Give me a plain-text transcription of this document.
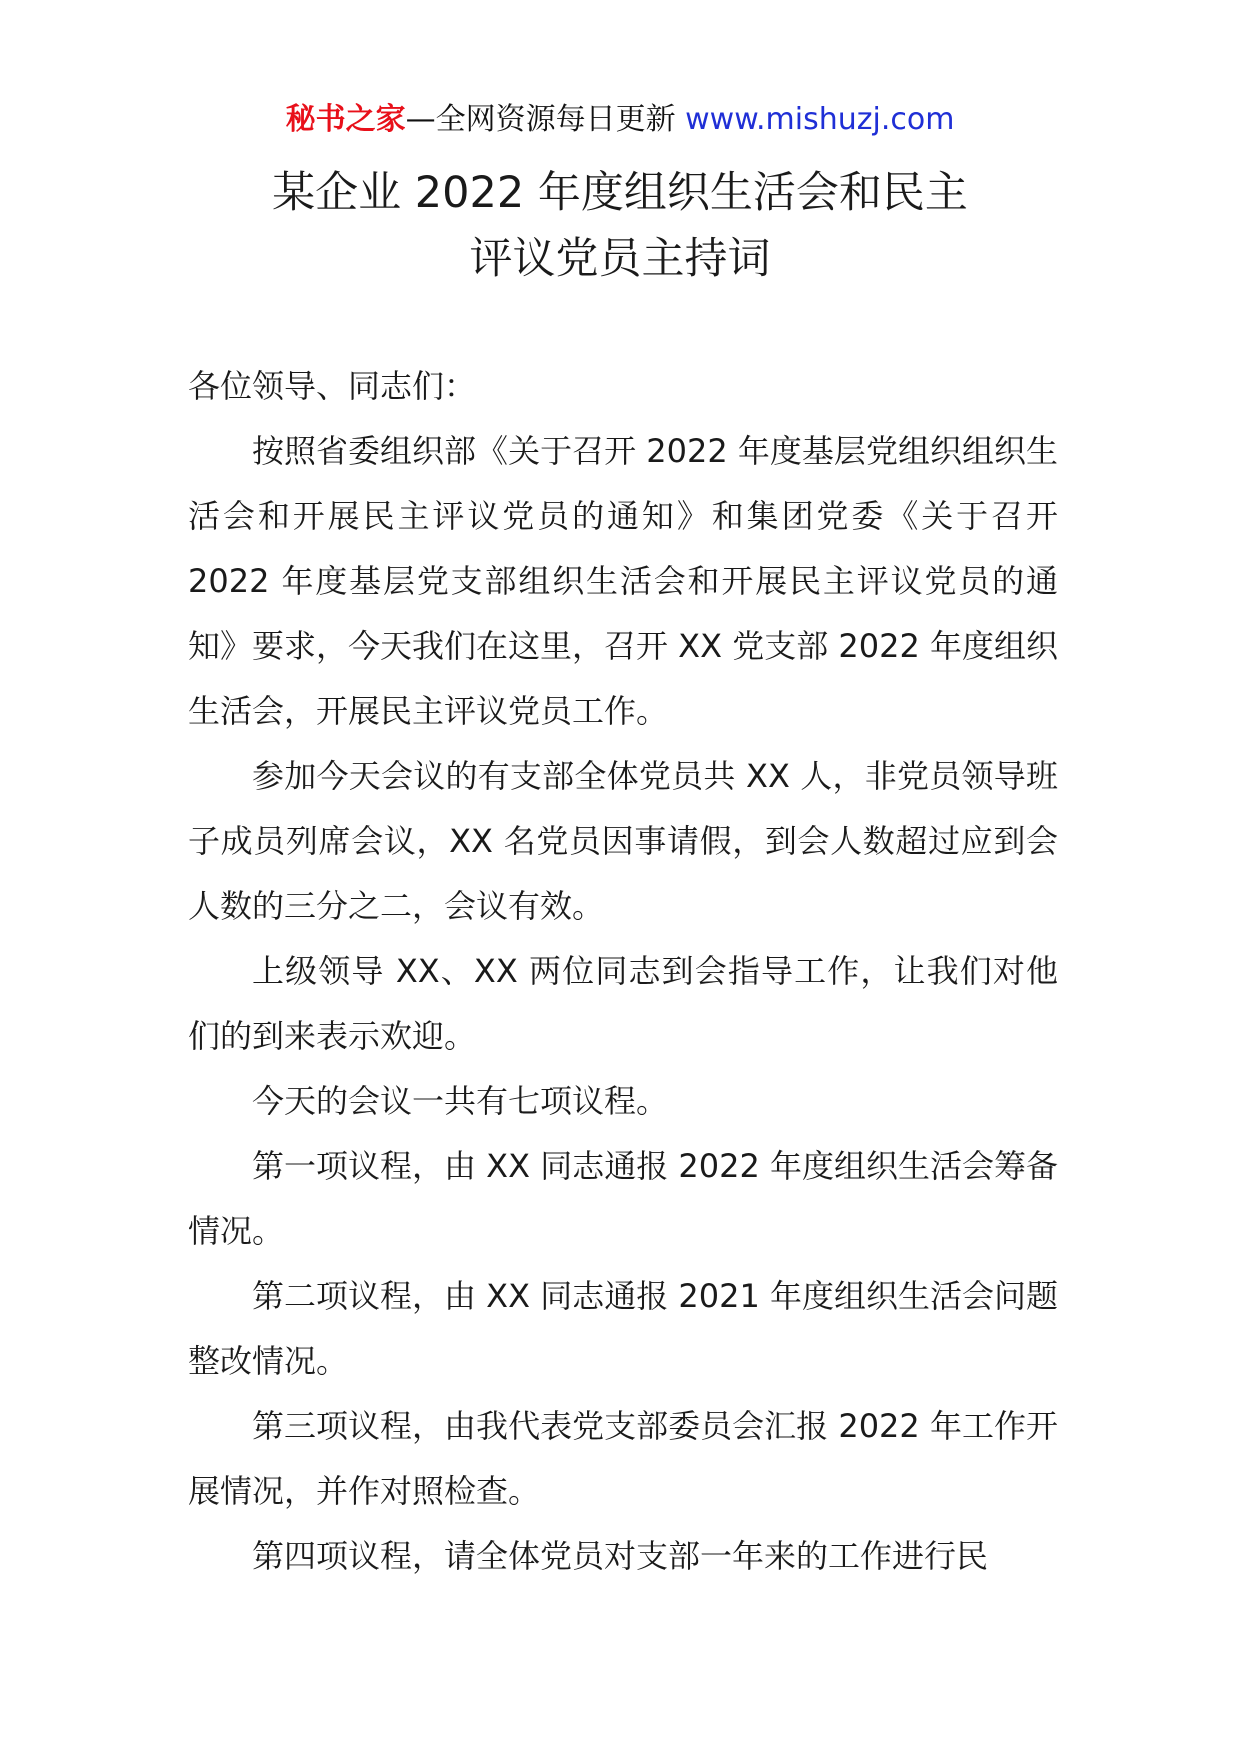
秘书之家—全网资源每日更新 www.mishuzj.com
某企业 2022 年度组织生活会和民主
评议党员主持词

各位领导、同志们：

按照省委组织部《关于召开 2022 年度基层党组织组织生活会和开展民主评议党员的通知》和集团党委《关于召开 2022 年度基层党支部组织生活会和开展民主评议党员的通知》要求，今天我们在这里，召开 XX 党支部 2022 年度组织生活会，开展民主评议党员工作。

参加今天会议的有支部全体党员共 XX 人，非党员领导班子成员列席会议，XX 名党员因事请假，到会人数超过应到会人数的三分之二，会议有效。

上级领导 XX、XX 两位同志到会指导工作，让我们对他们的到来表示欢迎。

今天的会议一共有七项议程。

第一项议程，由 XX 同志通报 2022 年度组织生活会筹备情况。

第二项议程，由 XX 同志通报 2021 年度组织生活会问题整改情况。

第三项议程，由我代表党支部委员会汇报 2022 年工作开展情况，并作对照检查。

第四项议程，请全体党员对支部一年来的工作进行民
